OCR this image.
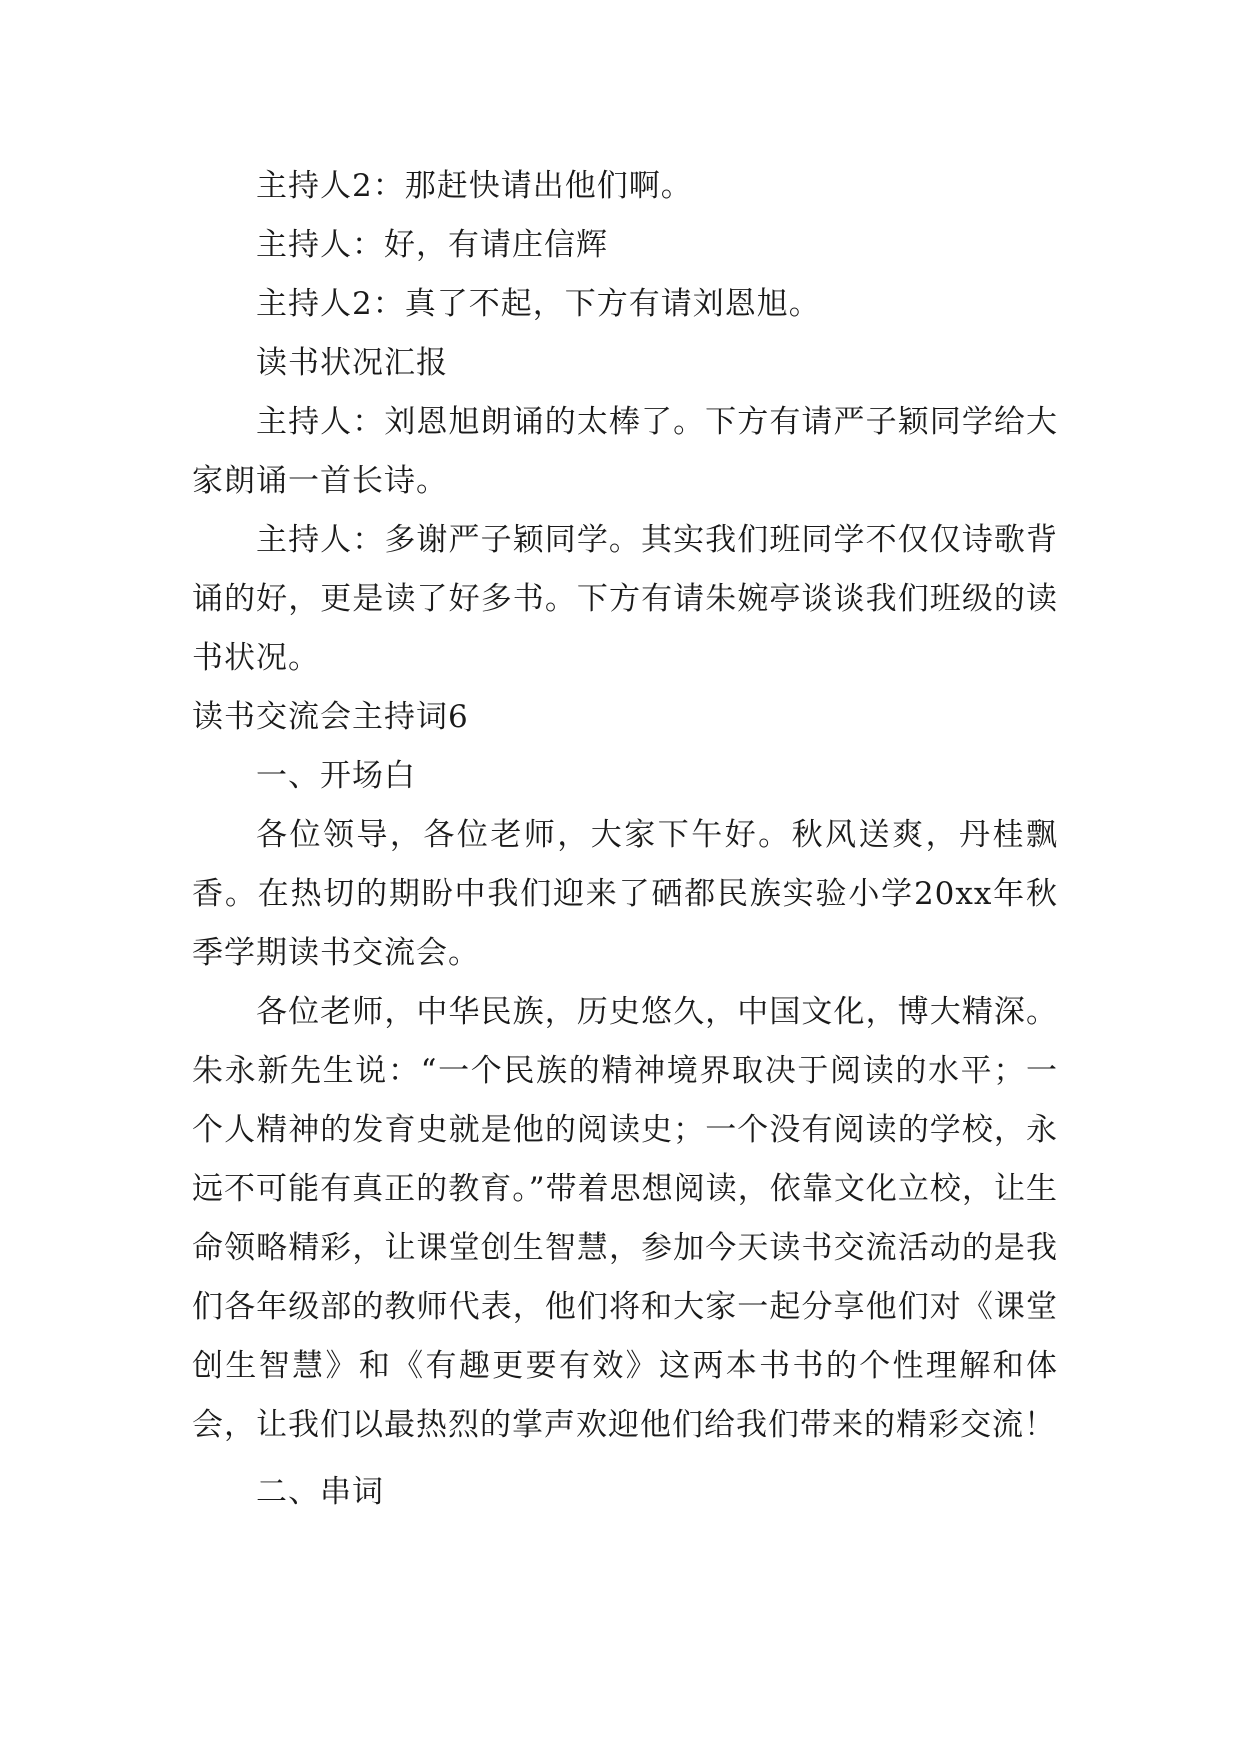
主持人2：那赶快请出他们啊。

主持人：好，有请庄信辉

主持人2：真了不起，下方有请刘恩旭。

读书状况汇报

主持人：刘恩旭朗诵的太棒了。下方有请严子颖同学给大家朗诵一首长诗。

主持人：多谢严子颖同学。其实我们班同学不仅仅诗歌背诵的好，更是读了好多书。下方有请朱婉亭谈谈我们班级的读书状况。

读书交流会主持词6

一、开场白

各位领导，各位老师，大家下午好。秋风送爽，丹桂飘香。在热切的期盼中我们迎来了硒都民族实验小学20xx年秋季学期读书交流会。

各位老师，中华民族，历史悠久，中国文化，博大精深。朱永新先生说：“一个民族的精神境界取决于阅读的水平；一个人精神的发育史就是他的阅读史；一个没有阅读的学校，永远不可能有真正的教育。”带着思想阅读，依靠文化立校，让生命领略精彩，让课堂创生智慧，参加今天读书交流活动的是我们各年级部的教师代表，他们将和大家一起分享他们对《课堂创生智慧》和《有趣更要有效》这两本书书的个性理解和体会，让我们以最热烈的掌声欢迎他们给我们带来的精彩交流！

二、串词
